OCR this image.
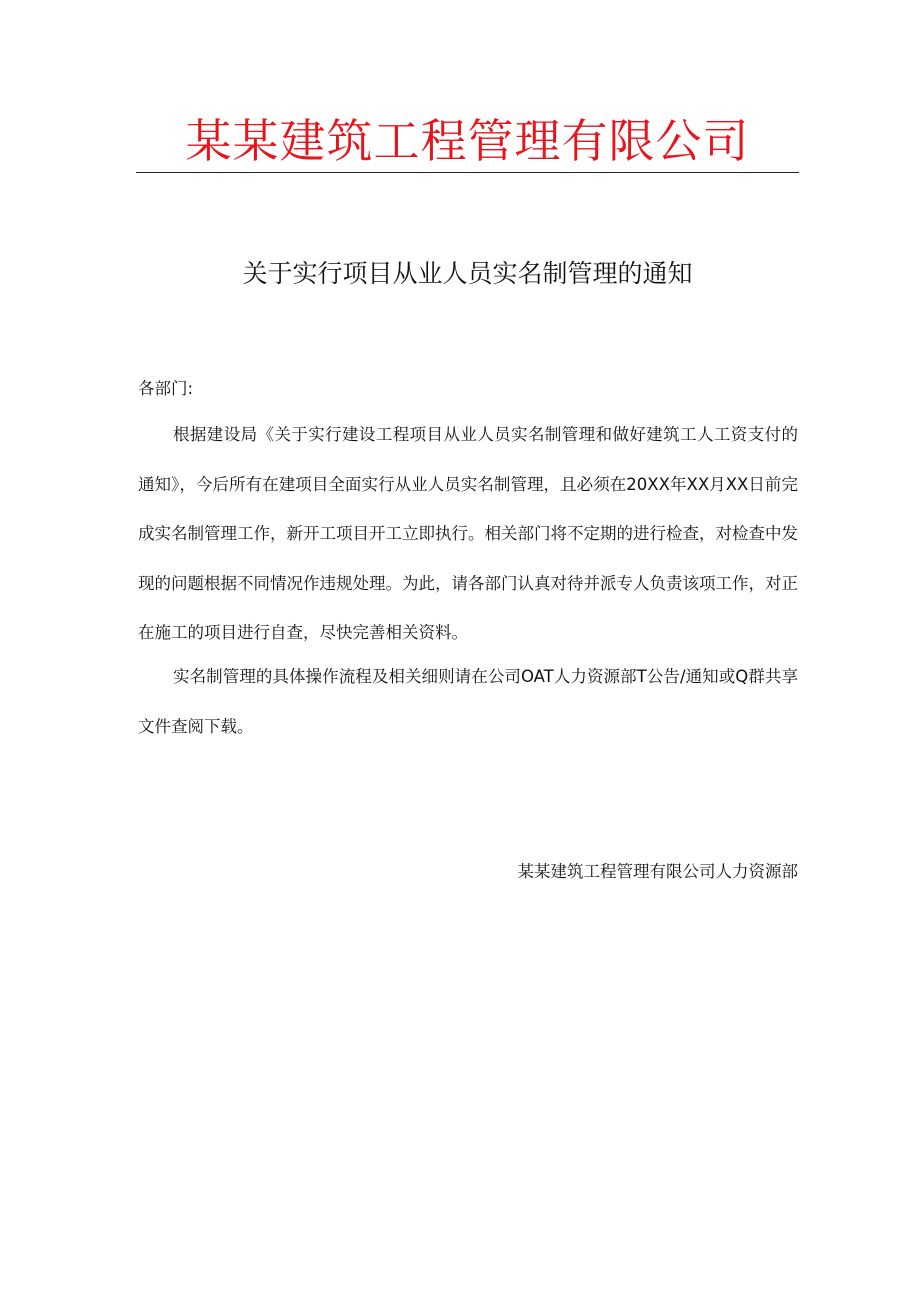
某某建筑工程管理有限公司
关于实行项目从业人员实名制管理的通知
各部门:
根据建设局《关于实行建设工程项目从业人员实名制管理和做好建筑工人工资支付的通知》，今后所有在建项目全面实行从业人员实名制管理，且必须在20XX年XX月XX日前完成实名制管理工作，新开工项目开工立即执行。相关部门将不定期的进行检查，对检查中发现的问题根据不同情况作违规处理。为此，请各部门认真对待并派专人负责该项工作，对正在施工的项目进行自查，尽快完善相关资料。
实名制管理的具体操作流程及相关细则请在公司OAT人力资源部T公告/通知或Q群共享文件查阅下载。
某某建筑工程管理有限公司人力资源部
